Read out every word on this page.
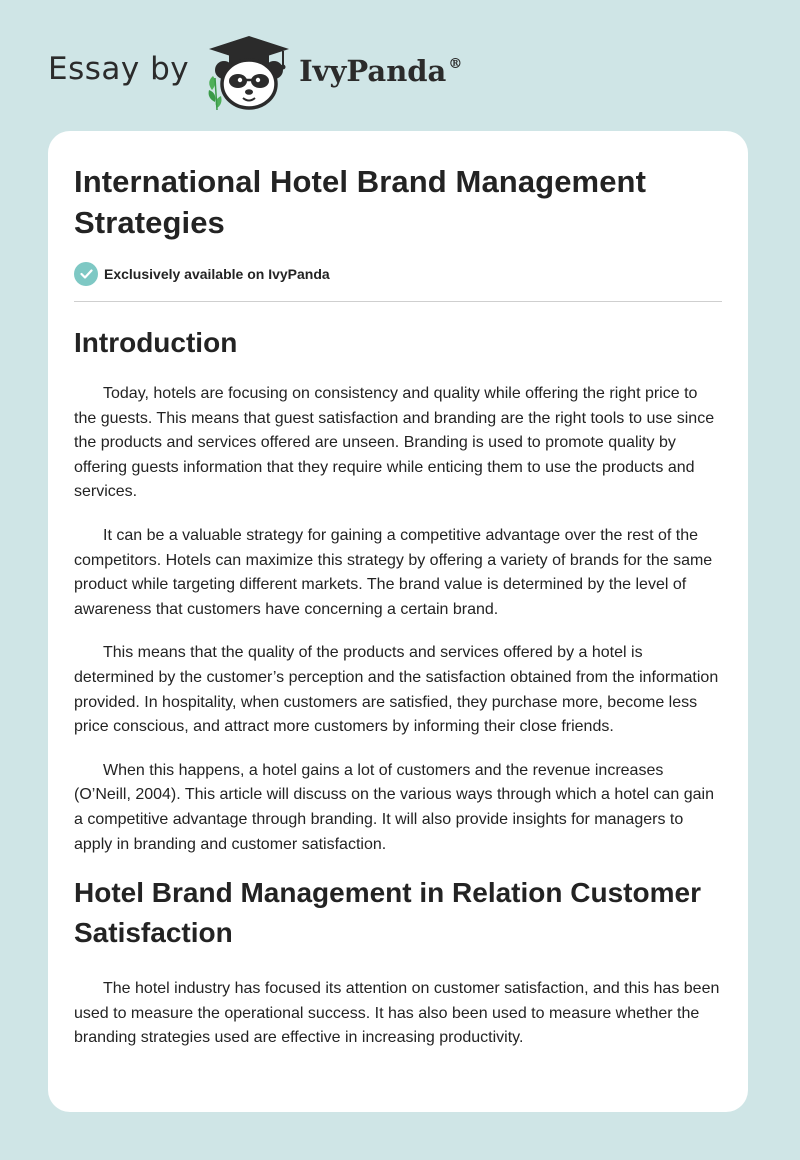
Essay by	IvyPanda ®
International Hotel Brand Management Strategies
Exclusively available on IvyPanda
Introduction

Today, hotels are focusing on consistency and quality while offering the right price to the guests. This means that guest satisfaction and branding are the right tools to use since the products and services offered are unseen. Branding is used to promote quality by offering guests information that they require while enticing them to use the products and services.

It can be a valuable strategy for gaining a competitive advantage over the rest of the competitors. Hotels can maximize this strategy by offering a variety of brands for the same product while targeting different markets. The brand value is determined by the level of awareness that customers have concerning a certain brand.

This means that the quality of the products and services offered by a hotel is determined by the customer’s perception and the satisfaction obtained from the information provided. In hospitality, when customers are satisfied, they purchase more, become less price conscious, and attract more customers by informing their close friends.

When this happens, a hotel gains a lot of customers and the revenue increases (O’Neill, 2004). This article will discuss on the various ways through which a hotel can gain a competitive advantage through branding. It will also provide insights for managers to apply in branding and customer satisfaction.

Hotel Brand Management in Relation Customer Satisfaction

The hotel industry has focused its attention on customer satisfaction, and this has been used to measure the operational success. It has also been used to measure whether the branding strategies used are effective in increasing productivity.
